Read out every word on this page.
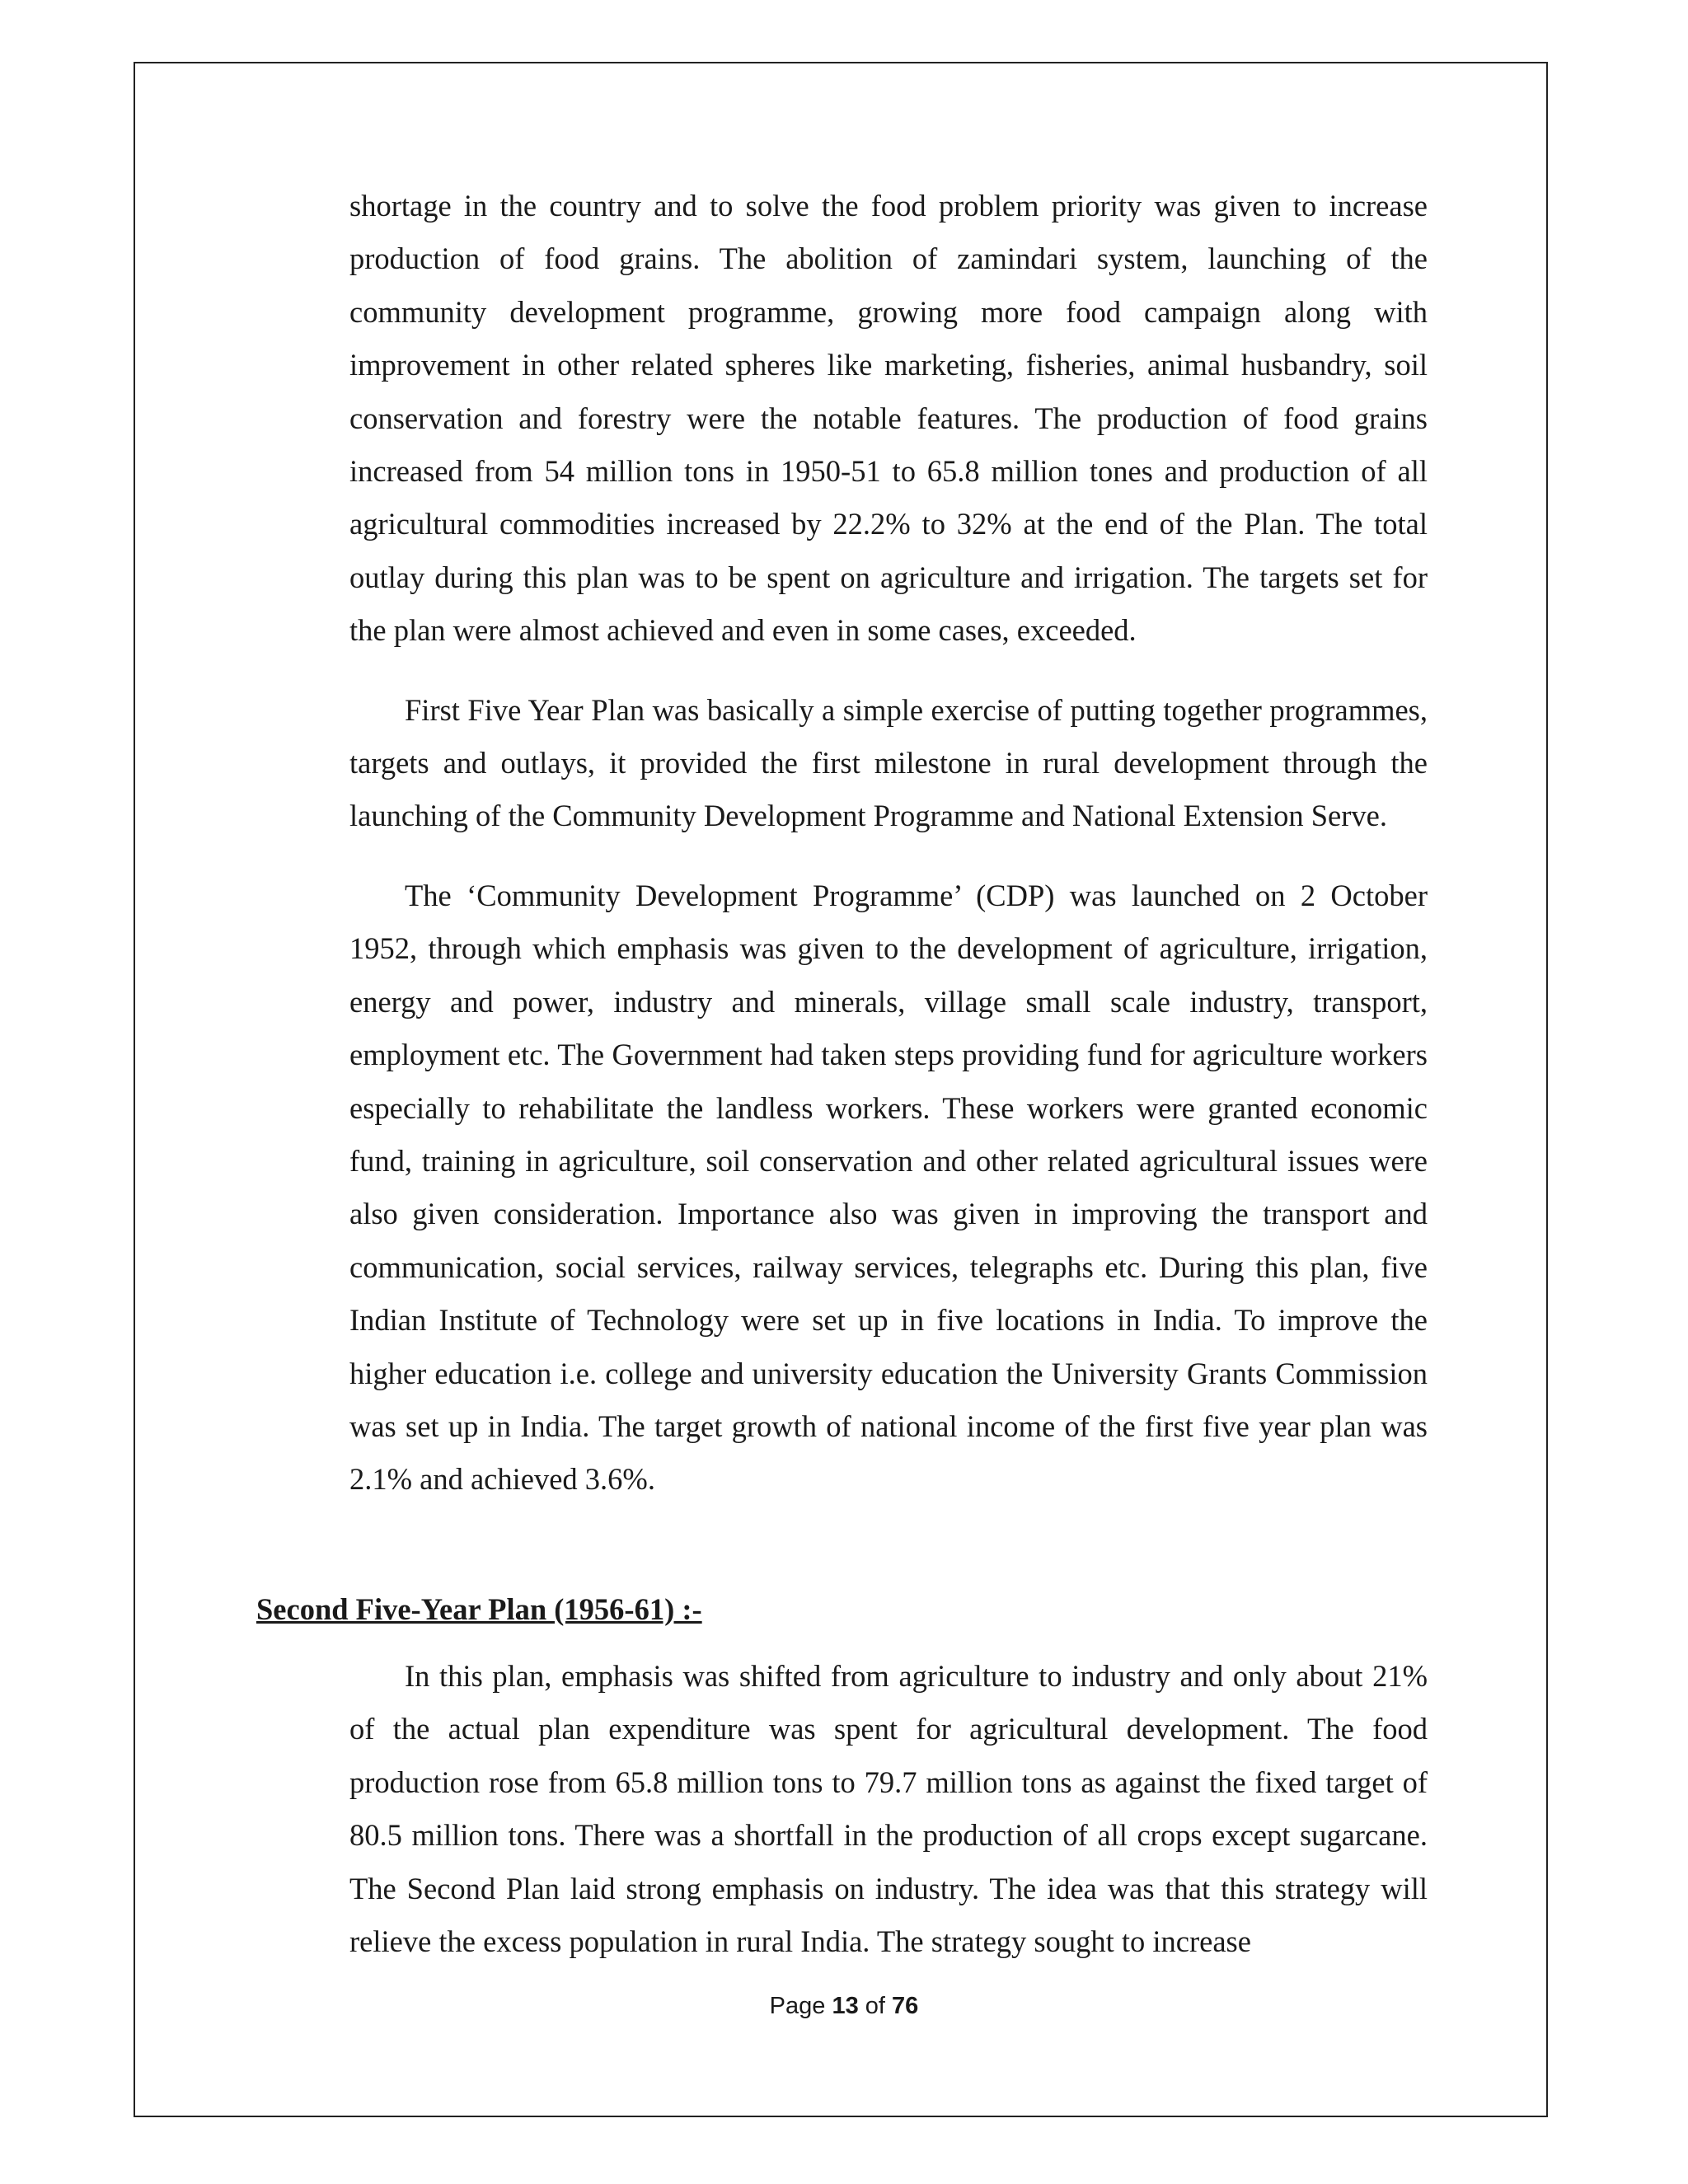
shortage in the country and to solve the food problem priority was given to increase production of food grains. The abolition of zamindari system, launching of the community development programme, growing more food campaign along with improvement in other related spheres like marketing, fisheries, animal husbandry, soil conservation and forestry were the notable features. The production of food grains increased from 54 million tons in 1950-51 to 65.8 million tones and production of all agricultural commodities increased by 22.2% to 32% at the end of the Plan. The total outlay during this plan was to be spent on agriculture and irrigation. The targets set for the plan were almost achieved and even in some cases, exceeded.

First Five Year Plan was basically a simple exercise of putting together programmes, targets and outlays, it provided the first milestone in rural development through the launching of the Community Development Programme and National Extension Serve.

The ‘Community Development Programme’ (CDP) was launched on 2 October 1952, through which emphasis was given to the development of agriculture, irrigation, energy and power, industry and minerals, village small scale industry, transport, employment etc. The Government had taken steps providing fund for agriculture workers especially to rehabilitate the landless workers. These workers were granted economic fund, training in agriculture, soil conservation and other related agricultural issues were also given consideration. Importance also was given in improving the transport and communication, social services, railway services, telegraphs etc. During this plan, five Indian Institute of Technology were set up in five locations in India. To improve the higher education i.e. college and university education the University Grants Commission was set up in India. The target growth of national income of the first five year plan was 2.1% and achieved 3.6%.

Second Five-Year Plan (1956-61) :-

In this plan, emphasis was shifted from agriculture to industry and only about 21% of the actual plan expenditure was spent for agricultural development. The food production rose from 65.8 million tons to 79.7 million tons as against the fixed target of 80.5 million tons. There was a shortfall in the production of all crops except sugarcane. The Second Plan laid strong emphasis on industry. The idea was that this strategy will relieve the excess population in rural India. The strategy sought to increase

Page 13 of 76
